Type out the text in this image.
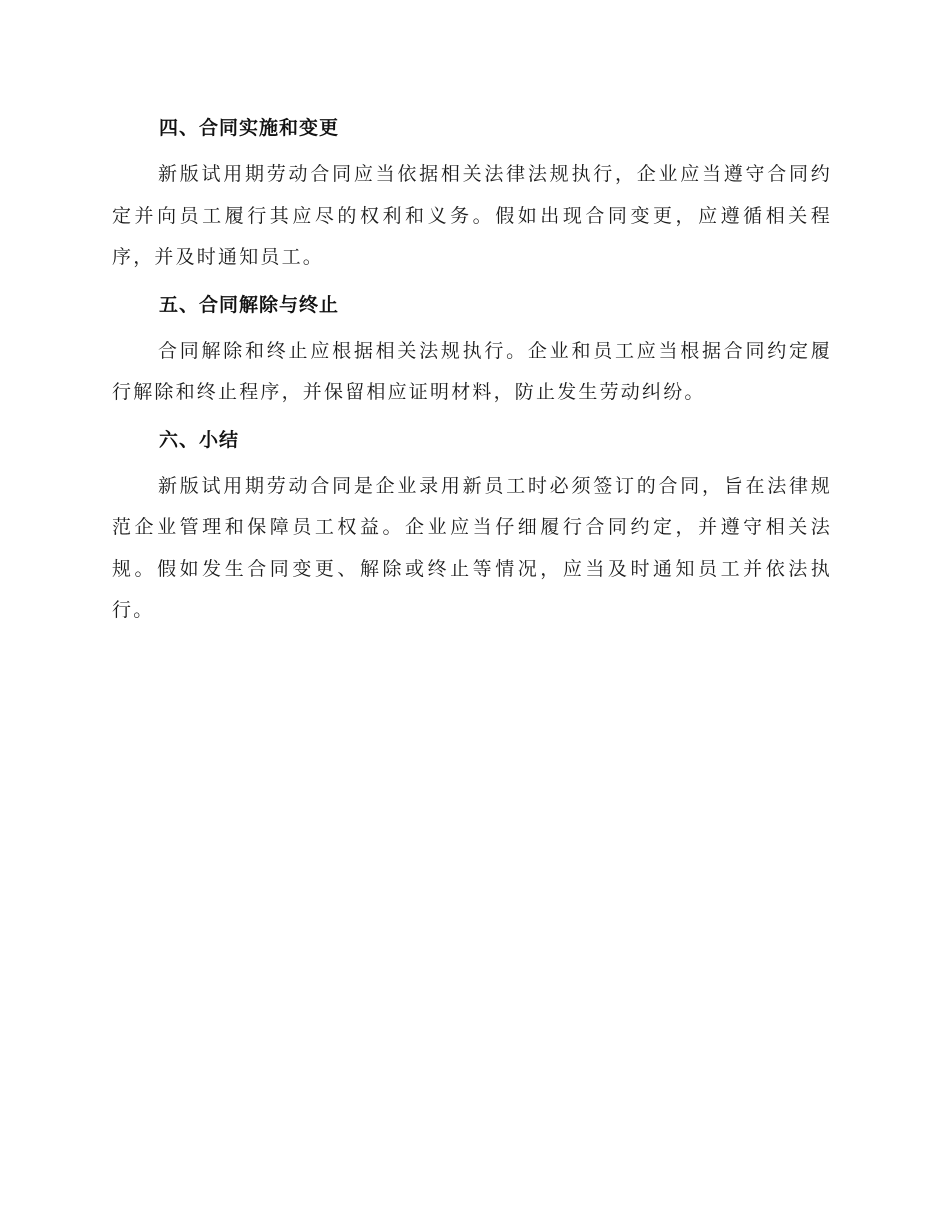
四、合同实施和变更

新版试用期劳动合同应当依据相关法律法规执行，企业应当遵守合同约定并向员工履行其应尽的权利和义务。假如出现合同变更，应遵循相关程序，并及时通知员工。

五、合同解除与终止

合同解除和终止应根据相关法规执行。企业和员工应当根据合同约定履行解除和终止程序，并保留相应证明材料，防止发生劳动纠纷。

六、小结

新版试用期劳动合同是企业录用新员工时必须签订的合同，旨在法律规范企业管理和保障员工权益。企业应当仔细履行合同约定，并遵守相关法规。假如发生合同变更、解除或终止等情况，应当及时通知员工并依法执行。
